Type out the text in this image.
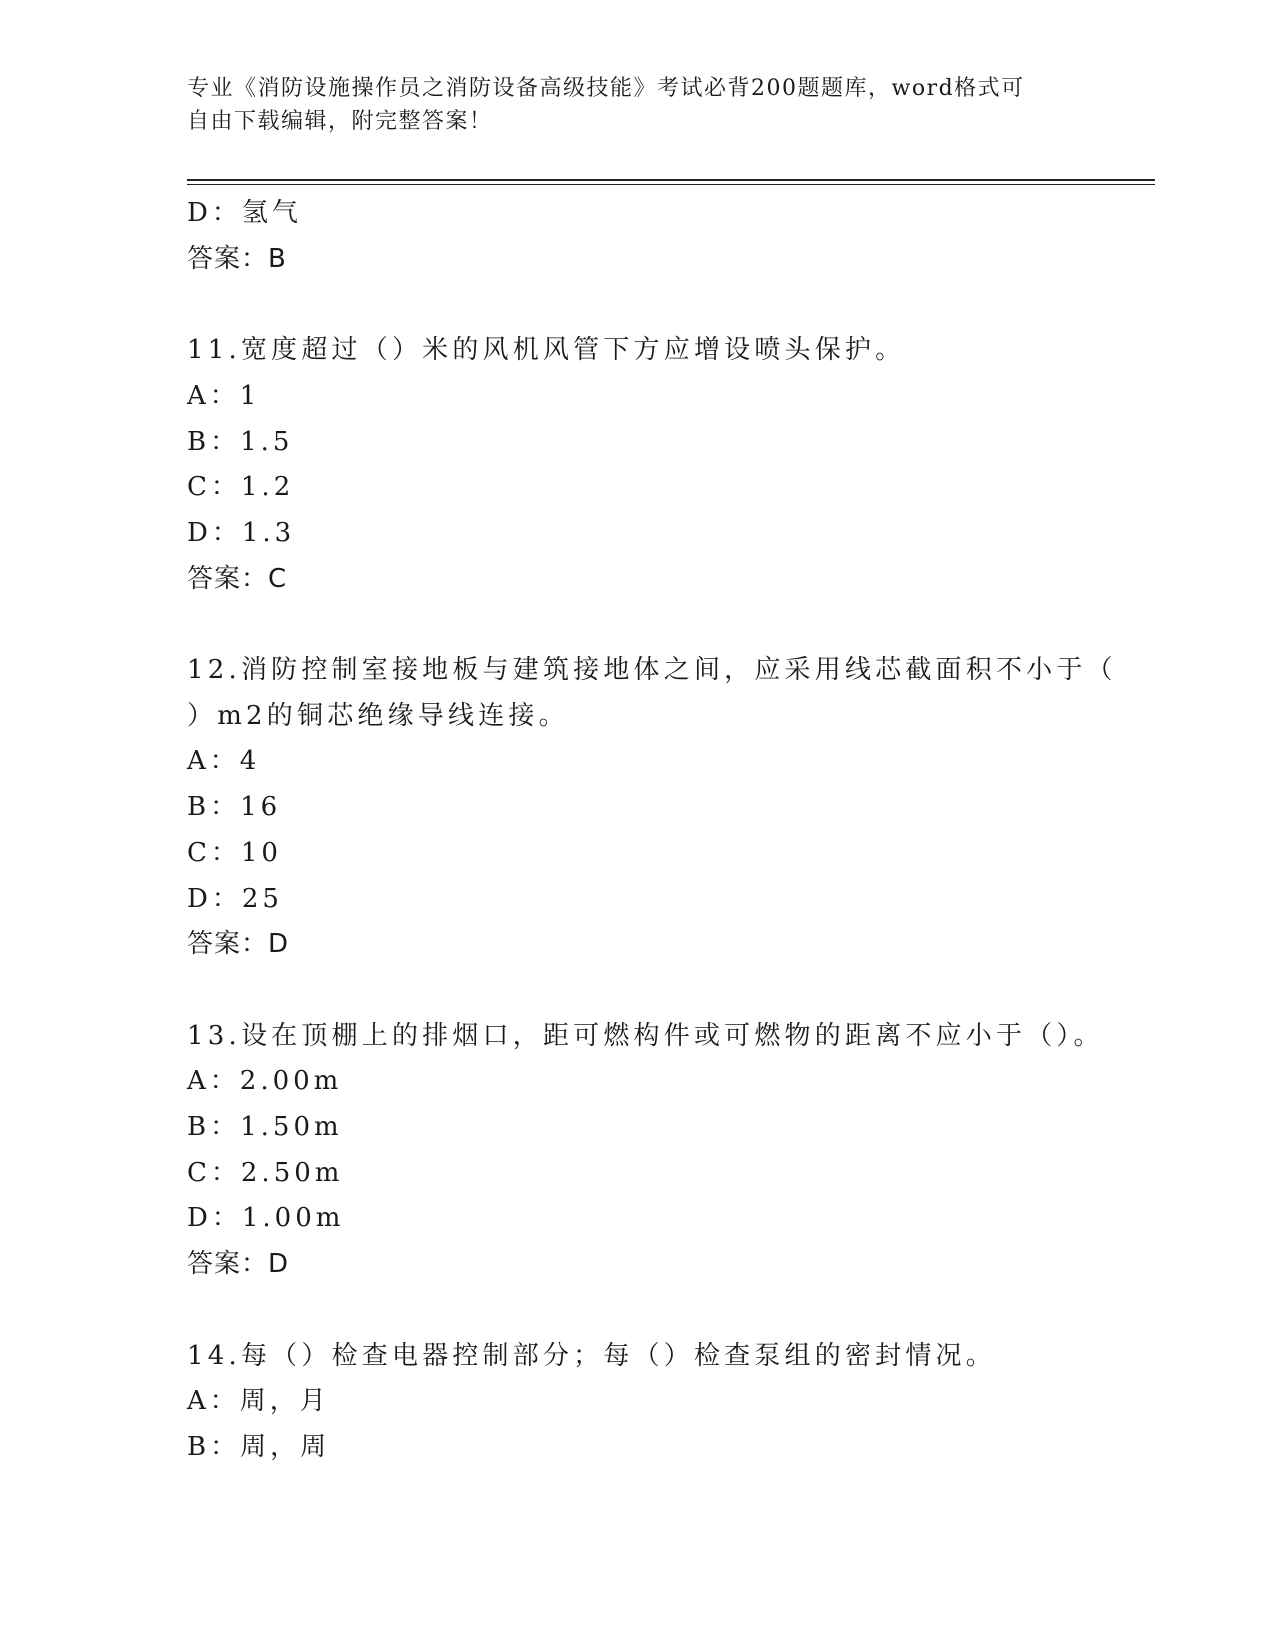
专业《消防设施操作员之消防设备高级技能》考试必背200题题库，word格式可
自由下载编辑，附完整答案！
D：氢气
答案：B
11.宽度超过（）米的风机风管下方应增设喷头保护。
A：1
B：1.5
C：1.2
D：1.3
答案：C
12.消防控制室接地板与建筑接地体之间，应采用线芯截面积不小于（
）m2的铜芯绝缘导线连接。
A：4
B：16
C：10
D：25
答案：D
13.设在顶棚上的排烟口，距可燃构件或可燃物的距离不应小于（）。
A：2.00m
B：1.50m
C：2.50m
D：1.00m
答案：D
14.每（）检查电器控制部分；每（）检查泵组的密封情况。
A：周，月
B：周，周
